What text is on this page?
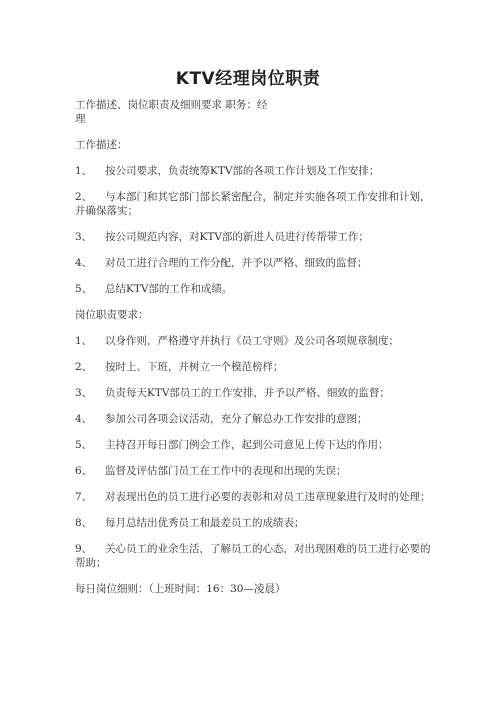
KTV经理岗位职责
工作描述、岗位职责及细则要求 职务：经
理
工作描述：
1、	按公司要求，负责统筹KTV部的各项工作计划及工作安排；
2、 与本部门和其它部门部长紧密配合，制定并实施各项工作安排和计划，并确保落实；
3、	按公司规范内容，对KTV部的新进人员进行传帮带工作；
4、	对员工进行合理的工作分配，并予以严格、细致的监督；
5、	总结KTV部的工作和成绩。
岗位职责要求：
1、	以身作则，严格遵守并执行《员工守则》及公司各项规章制度；
2、	按时上、下班，并树立一个模范榜样；
3、	负责每天KTV部员工的工作安排，并予以严格、细致的监督；
4、	参加公司各项会议活动，充分了解总办工作安排的意图；
5、	主持召开每日部门例会工作，起到公司意见上传下达的作用；
6、	监督及评估部门员工在工作中的表现和出现的失误；
7、	对表现出色的员工进行必要的表彰和对员工违章现象进行及时的处理；
8、	每月总结出优秀员工和最差员工的成绩表；
9、 关心员工的业余生活，了解员工的心态，对出现困难的员工进行必要的帮助；
每日岗位细则：（上班时间：16：30—凌晨）
